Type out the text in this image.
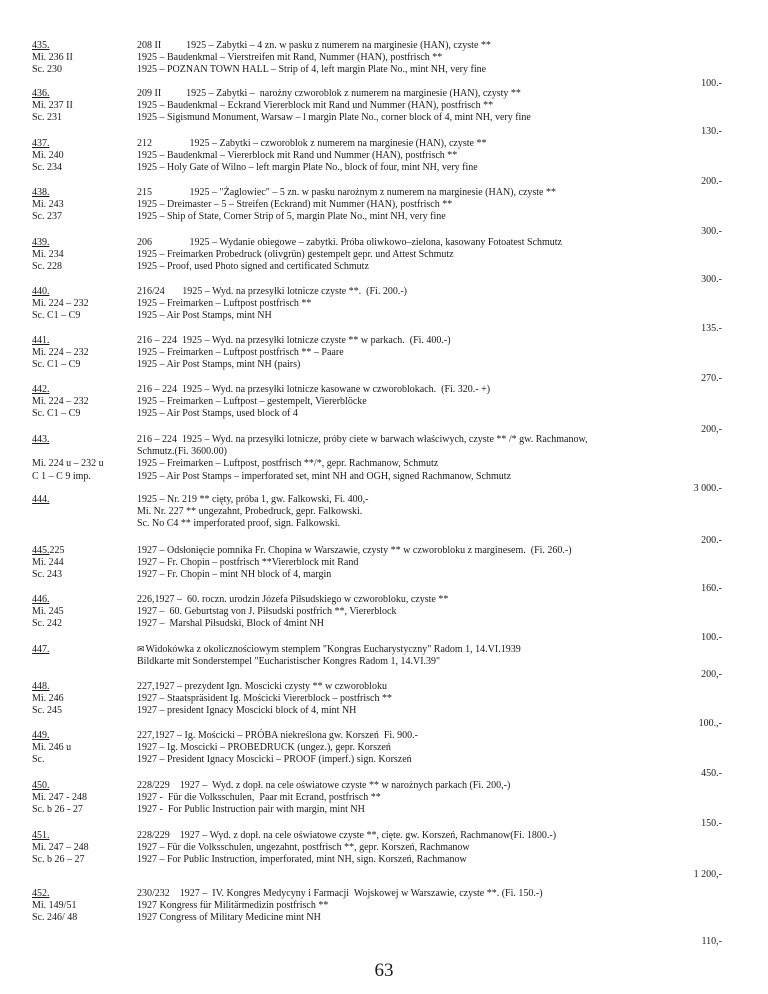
435.
Mi. 236 II
Sc. 230
208 II          1925 – Zabytki – 4 zn. w pasku z numerem na marginesie (HAN), czyste **
1925 – Baudenkmal – Vierstreifen mit Rand, Nummer (HAN), postfrisch **
1925 – POZNAN TOWN HALL – Strip of 4, left margin Plate No., mint NH, very fine
100.-
436.
Mi. 237 II
Sc. 231
209 II          1925 – Zabytki –  narożny czworoblok z numerem na marginesie (HAN), czysty **
1925 – Baudenkmal – Eckrand Viererblock mit Rand und Nummer (HAN), postfrisch **
1925 – Sigismund Monument, Warsaw – l margin Plate No., corner block of 4, mint NH, very fine
130.-
437.
Mi. 240
Sc. 234
212               1925 – Zabytki – czworoblok z numerem na marginesie (HAN), czyste **
1925 – Baudenkmal – Viererblock mit Rand und Nummer (HAN), postfrisch **
1925 – Holy Gate of Wilno – left margin Plate No., block of four, mint NH, very fine
200.-
438.
Mi. 243
Sc. 237
215               1925 – "Żaglowiec" – 5 zn. w pasku narożnym z numerem na marginesie (HAN), czyste **
1925 – Dreimaster – 5 – Streifen (Eckrand) mit Nummer (HAN), postfrisch **
1925 – Ship of State, Corner Strip of 5, margin Plate No., mint NH, very fine
300.-
439.
Mi. 234
Sc. 228
206               1925 – Wydanie obiegowe – zabytki. Próba oliwkowo–zielona, kasowany Fotoatest Schmutz
1925 – Freimarken Probedruck (olivgrün) gestempelt gepr. und Attest Schmutz
1925 – Proof, used Photo signed and certificated Schmutz
300.-
440.
Mi. 224 – 232
Sc. C1 – C9
216/24       1925 – Wyd. na przesyłki lotnicze czyste **.  (Fi. 200.-)
1925 – Freimarken – Luftpost postfrisch **
1925 – Air Post Stamps, mint NH
135.-
441.
Mi. 224 – 232
Sc. C1 – C9
216 – 224  1925 – Wyd. na przesyłki lotnicze czyste ** w parkach.  (Fi. 400.-)
1925 – Freimarken – Luftpost postfrisch ** – Paare
1925 – Air Post Stamps, mint NH (pairs)
270.-
442.
Mi. 224 – 232
Sc. C1 – C9
216 – 224  1925 – Wyd. na przesyłki lotnicze kasowane w czworoblokach.  (Fi. 320.- +)
1925 – Freimarken – Luftpost – gestempelt, Viererblöcke
1925 – Air Post Stamps, used block of 4
200,-
443.

Mi. 224 u – 232 u
C 1 – C 9 imp.
216 – 224  1925 – Wyd. na przesyłki lotnicze, próby ciete w barwach właściwych, czyste ** /* gw. Rachmanow,
Schmutz.(Fi. 3600.00)
1925 – Freimarken – Luftpost, postfrisch **/*, gepr. Rachmanow, Schmutz
1925 – Air Post Stamps – imperforated set, mint NH and OGH, signed Rachmanow, Schmutz
3 000.-
444.	1925 – Nr. 219 ** cięty, próba 1, gw. Falkowski, Fi. 400,-
Mi. Nr. 227 ** ungezahnt, Probedruck, gepr. Falkowski.
Sc. No C4 ** imperforated proof, sign. Falkowski.
200.-
445.225
Mi. 244
Sc. 243
1927 – Odsłonięcie pomnika Fr. Chopina w Warszawie, czysty ** w czworobloku z marginesem.  (Fi. 260.-)
1927 – Fr. Chopin – postfrisch **Viererblock mit Rand
1927 – Fr. Chopin – mint NH block of 4, margin
160.-
446.
Mi. 245
Sc. 242
226,1927 –  60. roczn. urodzin Józefa Piłsudskiego w czworobloku, czyste **
1927 –  60. Geburtstag von J. Piłsudski postfrich **, Viererblock
1927 –  Marshal Piłsudski, Block of 4mint NH
100.-
447.	✉Widokówka z okolicznościowym stemplem "Kongras Eucharystyczny" Radom 1, 14.VI.1939
Bildkarte mit Sonderstempel "Eucharistischer Kongres Radom 1, 14.VI.39"
200,-
448.
Mi. 246
Sc. 245
227,1927 – prezydent Ign. Moscicki czysty ** w czworobloku
1927 – Staatspräsident Ig. Mościcki Viererblock – postfrisch **
1927 – president Ignacy Moscicki block of 4, mint NH
100.,-
449.
Mi. 246 u
Sc.
227,1927 – Ig. Mościcki – PRÓBA niekreślona gw. Korszeń  Fi. 900.-
1927 – Ig. Moscicki – PROBEDRUCK (ungez.), gepr. Korszeń
1927 – President Ignacy Moscicki – PROOF (imperf.) sign. Korszeń
450.-
450.
Mi. 247 - 248
Sc. b 26 - 27
228/229    1927 –  Wyd. z dopł. na cele oświatowe czyste ** w narożnych parkach (Fi. 200,-)
1927 -  Für die Volksschulen,  Paar mit Ecrand, postfrisch **
1927 -  For Public Instruction pair with margin, mint NH
150.-
451.
Mi. 247 – 248
Sc. b 26 – 27
228/229    1927 – Wyd. z dopł. na cele oświatowe czyste **, cięte. gw. Korszeń, Rachmanow(Fi. 1800.-)
1927 – Für die Volksschulen, ungezahnt, postfrisch **, gepr. Korszeń, Rachmanow
1927 – For Public Instruction, imperforated, mint NH, sign. Korszeń, Rachmanow
1 200,-
452.
Mi. 149/51
Sc. 246/ 48
230/232    1927 –  IV. Kongres Medycyny i Farmacji  Wojskowej w Warszawie, czyste **. (Fi. 150.-)
1927 Kongress für Militärmedizin postfrisch **
1927 Congress of Military Medicine mint NH
110,-
63
